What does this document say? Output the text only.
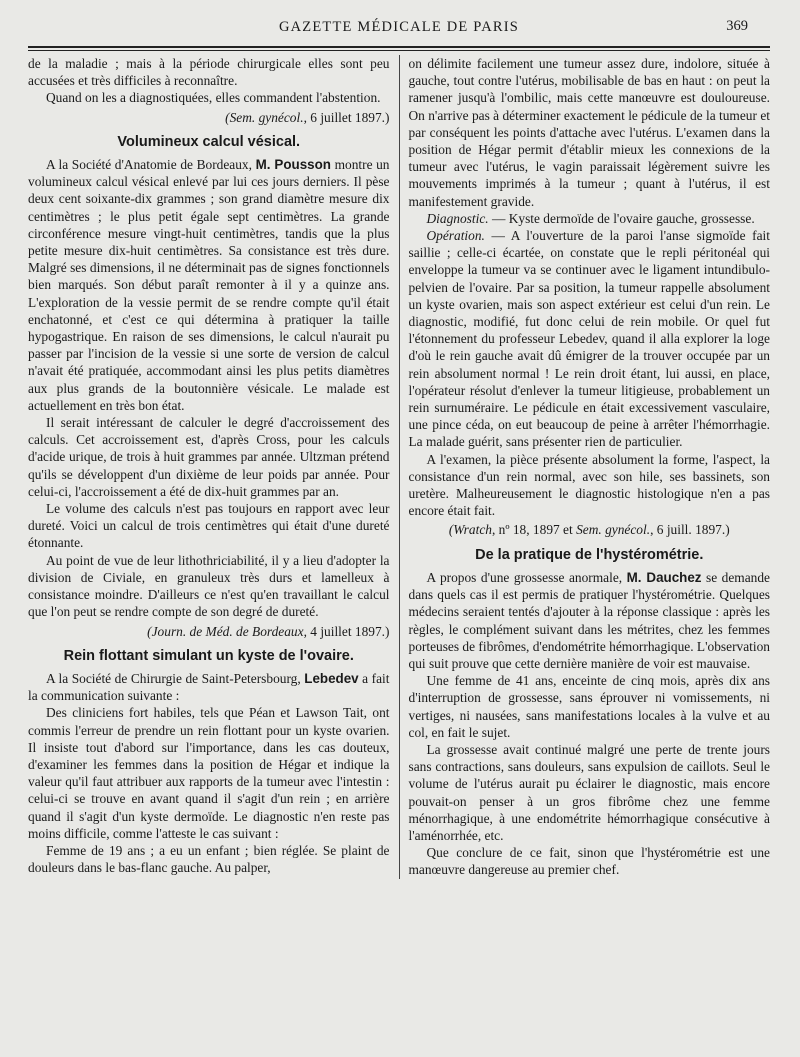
GAZETTE MÉDICALE DE PARIS	369

de la maladie ; mais à la période chirurgicale elles sont peu accusées et très difficiles à reconnaître.

Quand on les a diagnostiquées, elles commandent l'abstention.

(Sem. gynécol., 6 juillet 1897.)

Volumineux calcul vésical.

A la Société d'Anatomie de Bordeaux, M. Pousson montre un volumineux calcul vésical enlevé par lui ces jours derniers. Il pèse deux cent soixante-dix grammes ; son grand diamètre mesure dix centimètres ; le plus petit égale sept centimètres. La grande circonférence mesure vingt-huit centimètres, tandis que la plus petite mesure dix-huit centimètres. Sa consistance est très dure. Malgré ses dimensions, il ne déterminait pas de signes fonctionnels bien marqués. Son début paraît remonter à il y a quinze ans. L'exploration de la vessie permit de se rendre compte qu'il était enchatonné, et c'est ce qui détermina à pratiquer la taille hypogastrique. En raison de ses dimensions, le calcul n'aurait pu passer par l'incision de la vessie si une sorte de version de calcul n'avait été pratiquée, accommodant ainsi les plus petits diamètres aux plus grands de la boutonnière vésicale. Le malade est actuellement en très bon état.

Il serait intéressant de calculer le degré d'accroissement des calculs. Cet accroissement est, d'après Cross, pour les calculs d'acide urique, de trois à huit grammes par année. Ultzman prétend qu'ils se développent d'un dixième de leur poids par année. Pour celui-ci, l'accroissement a été de dix-huit grammes par an.

Le volume des calculs n'est pas toujours en rapport avec leur dureté. Voici un calcul de trois centimètres qui était d'une dureté étonnante.

Au point de vue de leur lithothriciabilité, il y a lieu d'adopter la division de Civiale, en granuleux très durs et lamelleux à consistance moindre. D'ailleurs ce n'est qu'en travaillant le calcul que l'on peut se rendre compte de son degré de dureté.

(Journ. de Méd. de Bordeaux, 4 juillet 1897.)

Rein flottant simulant un kyste de l'ovaire.

A la Société de Chirurgie de Saint-Petersbourg, Lebedev a fait la communication suivante :

Des cliniciens fort habiles, tels que Péan et Lawson Tait, ont commis l'erreur de prendre un rein flottant pour un kyste ovarien. Il insiste tout d'abord sur l'importance, dans les cas douteux, d'examiner les femmes dans la position de Hégar et indique la valeur qu'il faut attribuer aux rapports de la tumeur avec l'intestin : celui-ci se trouve en avant quand il s'agit d'un rein ; en arrière quand il s'agit d'un kyste dermoïde. Le diagnostic n'en reste pas moins difficile, comme l'atteste le cas suivant :

Femme de 19 ans ; a eu un enfant ; bien réglée. Se plaint de douleurs dans le bas-flanc gauche. Au palper,

on délimite facilement une tumeur assez dure, indolore, située à gauche, tout contre l'utérus, mobilisable de bas en haut : on peut la ramener jusqu'à l'ombilic, mais cette manœuvre est douloureuse. On n'arrive pas à déterminer exactement le pédicule de la tumeur et par conséquent les points d'attache avec l'utérus. L'examen dans la position de Hégar permit d'établir mieux les connexions de la tumeur avec l'utérus, le vagin paraissait légèrement suivre les mouvements imprimés à la tumeur ; quant à l'utérus, il est manifestement gravide.

Diagnostic. — Kyste dermoïde de l'ovaire gauche, grossesse.

Opération. — A l'ouverture de la paroi l'anse sigmoïde fait saillie ; celle-ci écartée, on constate que le repli péritonéal qui enveloppe la tumeur va se continuer avec le ligament intundibulo-pelvien de l'ovaire. Par sa position, la tumeur rappelle absolument un kyste ovarien, mais son aspect extérieur est celui d'un rein. Le diagnostic, modifié, fut donc celui de rein mobile. Or quel fut l'étonnement du professeur Lebedev, quand il alla explorer la loge d'où le rein gauche avait dû émigrer de la trouver occupée par un rein absolument normal ! Le rein droit étant, lui aussi, en place, l'opérateur résolut d'enlever la tumeur litigieuse, probablement un rein surnuméraire. Le pédicule en était excessivement vasculaire, une pince céda, on eut beaucoup de peine à arrêter l'hémorrhagie. La malade guérit, sans présenter rien de particulier.

A l'examen, la pièce présente absolument la forme, l'aspect, la consistance d'un rein normal, avec son hile, ses bassinets, son uretère. Malheureusement le diagnostic histologique n'en a pas encore était fait.

(Wratch, nº 18, 1897 et Sem. gynécol., 6 juill. 1897.)

De la pratique de l'hystérométrie.

A propos d'une grossesse anormale, M. Dauchez se demande dans quels cas il est permis de pratiquer l'hystérométrie. Quelques médecins seraient tentés d'ajouter à la réponse classique : après les règles, le complément suivant dans les métrites, chez les femmes porteuses de fibrômes, d'endométrite hémorrhagique. L'observation qui suit prouve que cette dernière manière de voir est mauvaise.

Une femme de 41 ans, enceinte de cinq mois, après dix ans d'interruption de grossesse, sans éprouver ni vomissements, ni vertiges, ni nausées, sans manifestations locales à la vulve et au col, en fait le sujet.

La grossesse avait continué malgré une perte de trente jours sans contractions, sans douleurs, sans expulsion de caillots. Seul le volume de l'utérus aurait pu éclairer le diagnostic, mais encore pouvait-on penser à un gros fibrôme chez une femme ménorrhagique, à une endométrite hémorrhagique consécutive à l'aménorrhée, etc.

Que conclure de ce fait, sinon que l'hystérométrie est une manœuvre dangereuse au premier chef.
